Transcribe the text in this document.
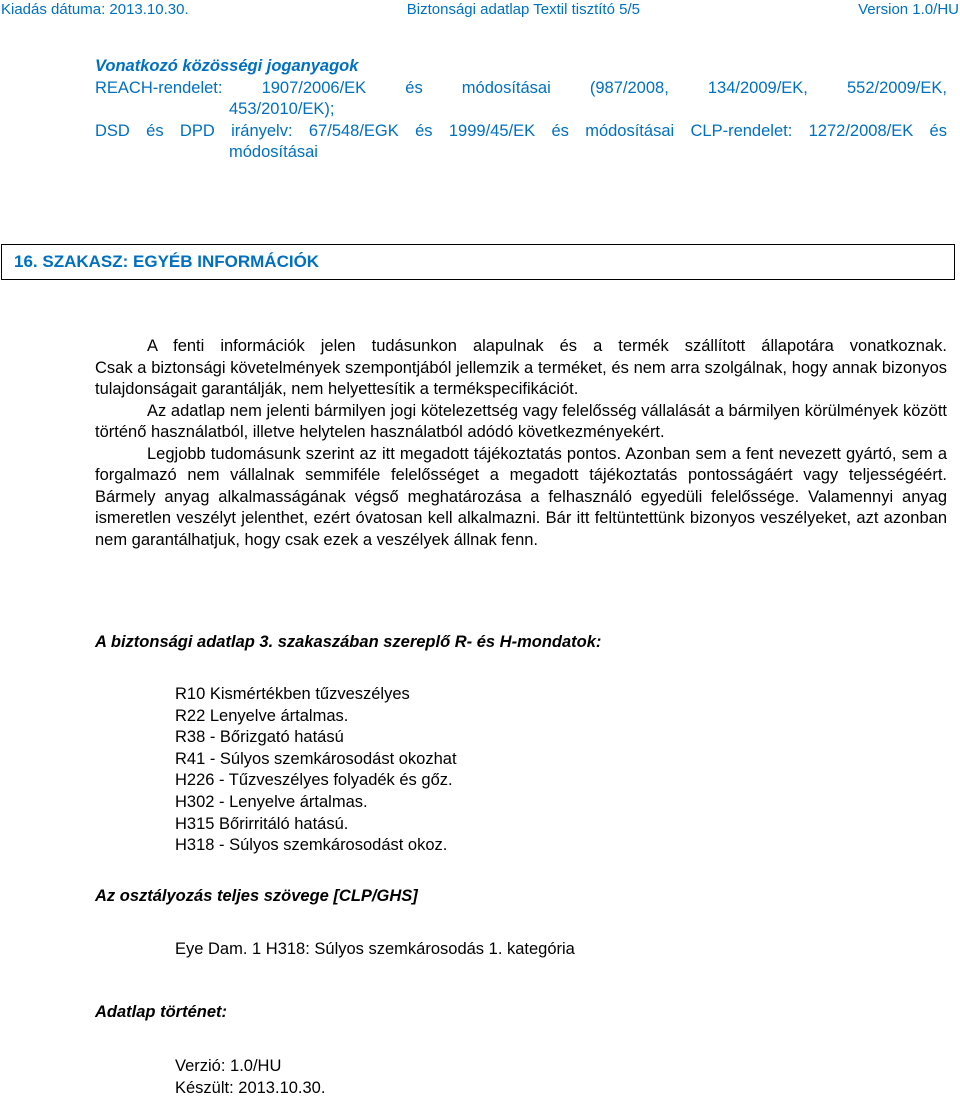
Kiadás dátuma: 2013.10.30.	Biztonsági adatlap Textil tisztító 5/5	Version 1.0/HU
Vonatkozó közösségi joganyagok
REACH-rendelet: 1907/2006/EK és módosításai (987/2008, 134/2009/EK, 552/2009/EK,
453/2010/EK);
DSD és DPD irányelv: 67/548/EGK és 1999/45/EK és módosításai CLP-rendelet: 1272/2008/EK és
módosításai
16. SZAKASZ: EGYÉB INFORMÁCIÓK

A fenti információk jelen tudásunkon alapulnak és a termék szállított állapotára vonatkoznak.

Csak a biztonsági követelmények szempontjából jellemzik a terméket, és nem arra szolgálnak, hogy annak bizonyos tulajdonságait garantálják, nem helyettesítik a termékspecifikációt.

Az adatlap nem jelenti bármilyen jogi kötelezettség vagy felelősség vállalását a bármilyen körülmények között történő használatból, illetve helytelen használatból adódó következményekért.

Legjobb tudomásunk szerint az itt megadott tájékoztatás pontos. Azonban sem a fent nevezett gyártó, sem a forgalmazó nem vállalnak semmiféle felelősséget a megadott tájékoztatás pontosságáért vagy teljességéért. Bármely anyag alkalmasságának végső meghatározása a felhasználó egyedüli felelőssége. Valamennyi anyag ismeretlen veszélyt jelenthet, ezért óvatosan kell alkalmazni. Bár itt feltüntettünk bizonyos veszélyeket, azt azonban nem garantálhatjuk, hogy csak ezek a veszélyek állnak fenn.

A biztonsági adatlap 3. szakaszában szereplő R- és H-mondatok:
R10 Kismértékben tűzveszélyes
R22 Lenyelve ártalmas.
R38 - Bőrizgató hatású
R41 - Súlyos szemkárosodást okozhat
H226 - Tűzveszélyes folyadék és gőz.
H302 - Lenyelve ártalmas.
H315 Bőrirritáló hatású.
H318 - Súlyos szemkárosodást okoz.
Az osztályozás teljes szövege [CLP/GHS]
Eye Dam. 1 H318: Súlyos szemkárosodás 1. kategória
Adatlap történet:
Verzió: 1.0/HU
Készült: 2013.10.30.
